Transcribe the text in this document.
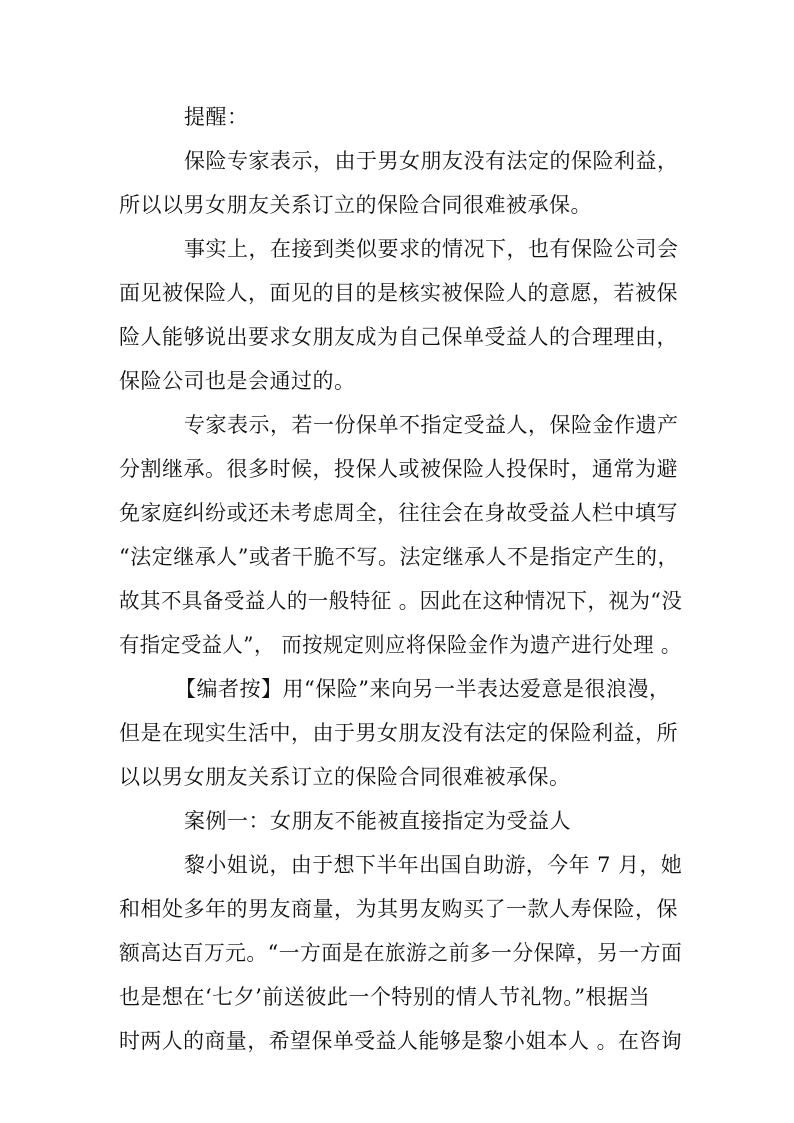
提醒：
保险专家表示，由于男女朋友没有法定的保险利益，
所以以男女朋友关系订立的保险合同很难被承保。
事实上，在接到类似要求的情况下，也有保险公司会
面见被保险人，面见的目的是核实被保险人的意愿，若被保
险人能够说出要求女朋友成为自己保单受益人的合理理由，
保险公司也是会通过的。
专家表示，若一份保单不指定受益人，保险金作遗产
分割继承。很多时候，投保人或被保险人投保时，通常为避
免家庭纠纷或还未考虑周全，往往会在身故受益人栏中填写
“法定继承人”或者干脆不写。法定继承人不是指定产生的，
故其不具备受益人的一般特征 。因此在这种情况下，视为“没
有指定受益人”， 而按规定则应将保险金作为遗产进行处理 。
【编者按】用“保险”来向另一半表达爱意是很浪漫，
但是在现实生活中，由于男女朋友没有法定的保险利益，所
以以男女朋友关系订立的保险合同很难被承保。
案例一：女朋友不能被直接指定为受益人
黎小姐说，由于想下半年出国自助游，今年 7 月，她
和相处多年的男友商量，为其男友购买了一款人寿保险，保
额高达百万元。“一方面是在旅游之前多一分保障，另一方面
也是想在‘七夕’前送彼此一个特别的情人节礼物。”根据当
时两人的商量，希望保单受益人能够是黎小姐本人 。在咨询
